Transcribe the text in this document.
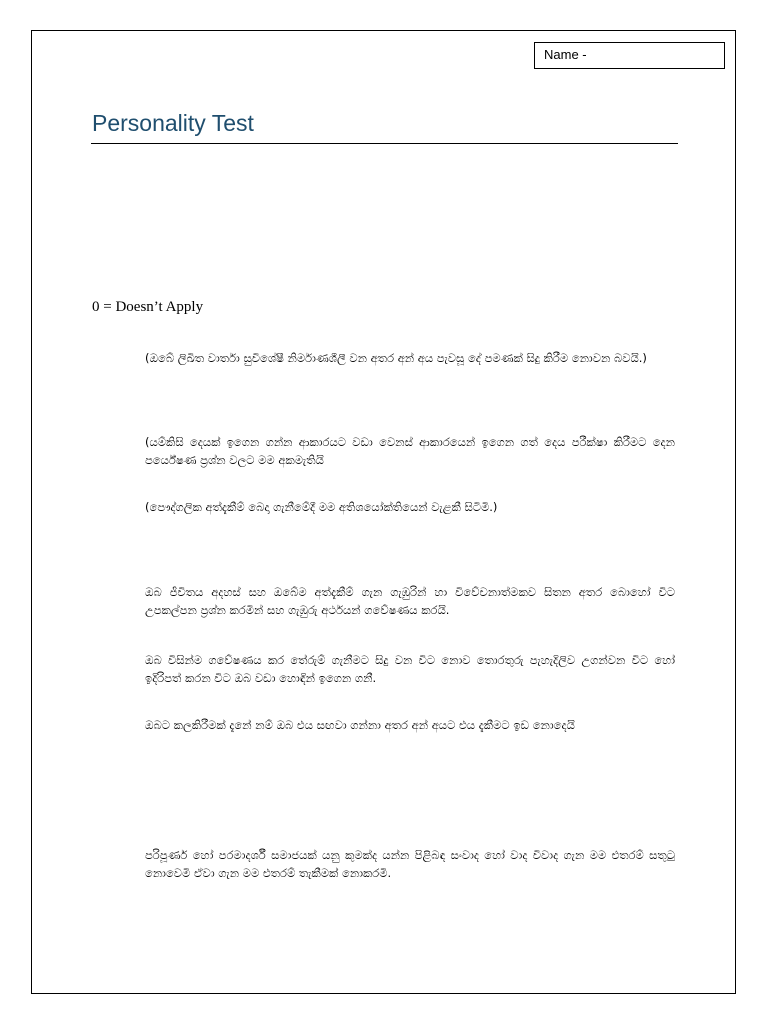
Name -
Personality Test
0 = Doesn’t Apply
(ඔබේ ලිඛිත වාර්තා සුවිශේෂී නිර්මාණශීලී වන අතර අන් අය පැවසූ දේ පමණක් සිදු කිරීම නොවන බවයි.)
(යම්කිසි දෙයක් ඉගෙන ගන්න ආකාරයට වඩා වෙනස් ආකාරයෙන් ඉගෙන ගත් දෙය පරීක්ෂා කිරීමට දෙන පර්යේෂණ ප්‍රශ්න වලට මම අකමැතියි
(පෞද්ගලික අත්දැකීම් බෙදා ගැනීමේදී මම අතිශයෝක්තියෙන් වැළකී සිටිමි.)
ඔබ ජීවිතය අදහස් සහ ඔබේම අත්දැකීම් ගැන ගැඹුරින් හා විවේචනාත්මකව සිතන අතර බොහෝ විට උපකල්පන ප්‍රශ්න කරමින් සහ ගැඹුරු අර්ථයන් ගවේෂණය කරයි.
ඔබ විසින්ම ගවේෂණය කර තේරුම් ගැනීමට සිදු වන විට නොව තොරතුරු පැහැදිලිව උගන්වන විට හෝ ඉදිරිපත් කරන විට ඔබ වඩා හොඳින් ඉගෙන ගනී.
ඔබට කලකිරීමක් දැනේ නම් ඔබ එය සඟවා ගන්නා අතර අන් අයට එය දැකීමට ඉඩ නොදෙයි
පරිපූර්ණ හෝ පරමාදර්ශී සමාජයක් යනු කුමක්ද යන්න පිළිබඳ සංවාද හෝ වාද විවාද ගැන මම එතරම් සතුටු නොවෙමි ඒවා ගැන මම එතරම් තැකීමක් නොකරමි.
